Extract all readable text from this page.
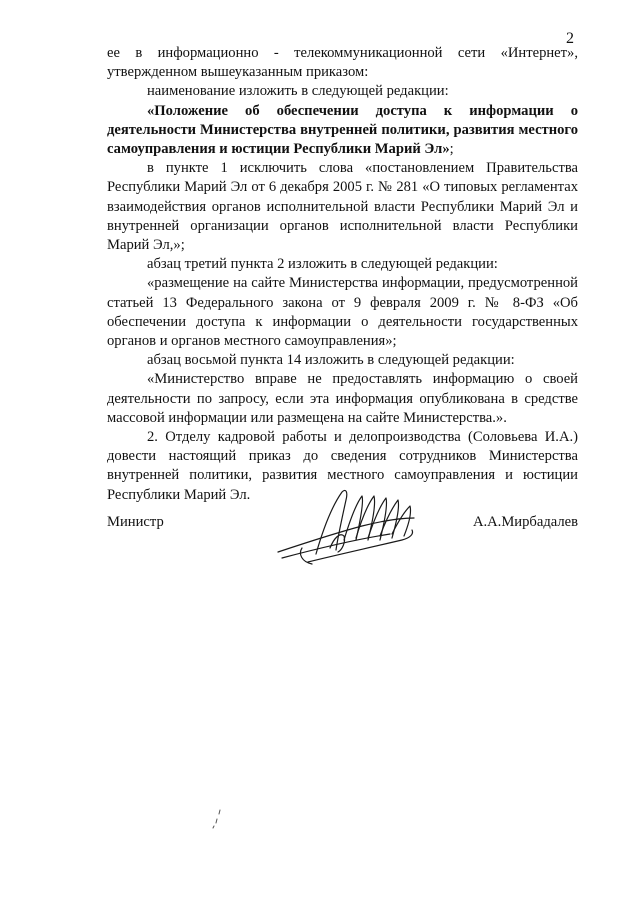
2

ее в информационно - телекоммуникационной сети «Интернет», утвержденном вышеуказанным приказом:

наименование изложить в следующей редакции:

«Положение об обеспечении доступа к информации о деятельности Министерства внутренней политики, развития местного самоуправления и юстиции Республики Марий Эл»;

в пункте 1 исключить слова «постановлением Правительства Республики Марий Эл от 6 декабря 2005 г. № 281 «О типовых регламентах взаимодействия органов исполнительной власти Республики Марий Эл и внутренней организации органов исполнительной власти Республики Марий Эл,»;

абзац третий пункта 2 изложить в следующей редакции:

«размещение на сайте Министерства информации, предусмотренной статьей 13 Федерального закона от 9 февраля 2009 г. № 8-ФЗ «Об обеспечении доступа к информации о деятельности государственных органов и органов местного самоуправления»;

абзац восьмой пункта 14 изложить в следующей редакции:

«Министерство вправе не предоставлять информацию о своей деятельности по запросу, если эта информация опубликована в средстве массовой информации или размещена на сайте Министерства.».

2. Отделу кадровой работы и делопроизводства (Соловьева И.А.) довести настоящий приказ до сведения сотрудников Министерства внутренней политики, развития местного самоуправления и юстиции Республики Марий Эл.

Министр	А.А.Мирбадалев
